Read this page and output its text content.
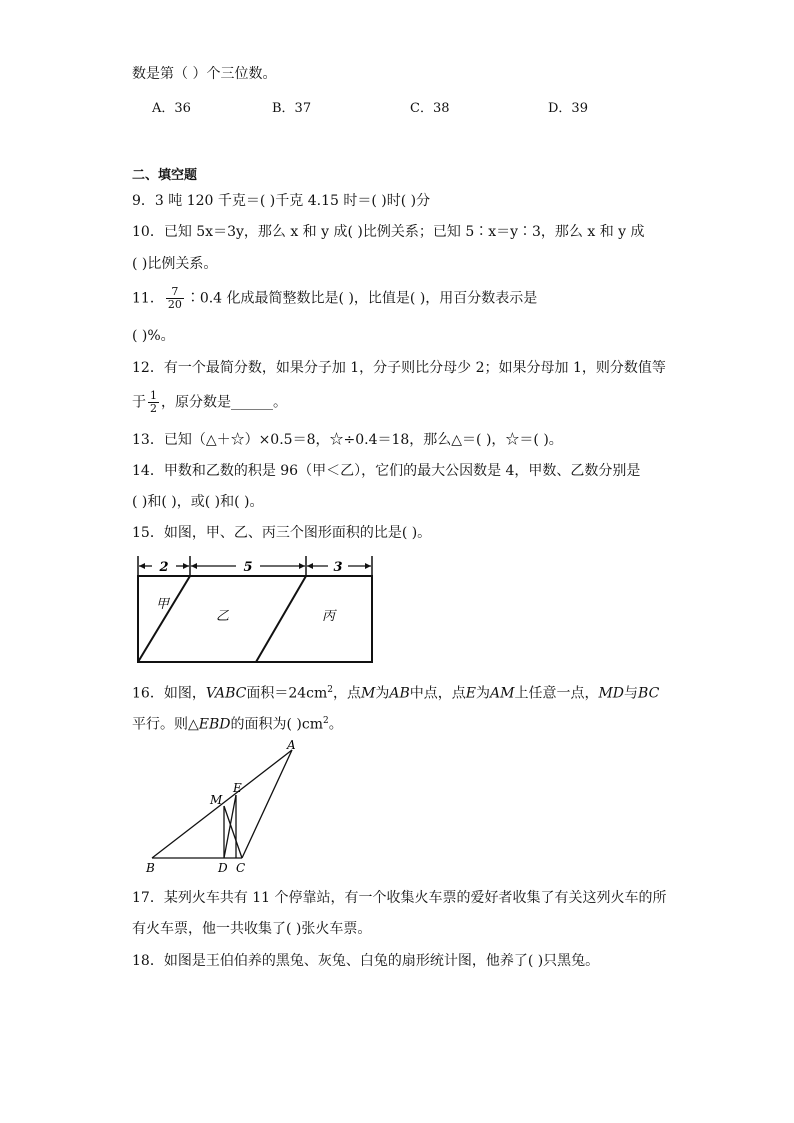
数是第（ ）个三位数。
A．36	B．37	C．38	D．39
二、填空题
9．3 吨 120 千克＝( )千克 4.15 时＝( )时( )分
10．已知 5x＝3y，那么 x 和 y 成( )比例关系；已知 5∶x＝y∶3，那么 x 和 y 成
( )比例关系。
11． $\frac{7}{20}$ ∶0.4 化成最简整数比是( )，比值是( )，用百分数表示是
( )%。
12．有一个最简分数，如果分子加 1，分子则比分母少 2；如果分母加 1，则分数值等
于 $\frac{1}{2}$ ，原分数是______。
13．已知（△＋☆）×0.5＝8，☆÷0.4＝18，那么△＝( )，☆＝( )。
14．甲数和乙数的积是 96（甲＜乙），它们的最大公因数是 4，甲数、乙数分别是
( )和( )，或( )和( )。
15．如图，甲、乙、丙三个图形面积的比是( )。
2	5	3
甲
乙	丙
16．如图，VABC面积$=24cm^2$，点M为AB中点，点E为AM上任意一点，MD与BC
平行。则△EBD的面积为( )$cm^2$。
A
E
M
B	D C
17．某列火车共有 11 个停靠站，有一个收集火车票的爱好者收集了有关这列火车的所
有火车票，他一共收集了( )张火车票。
18．如图是王伯伯养的黑兔、灰兔、白兔的扇形统计图，他养了( )只黑兔。
